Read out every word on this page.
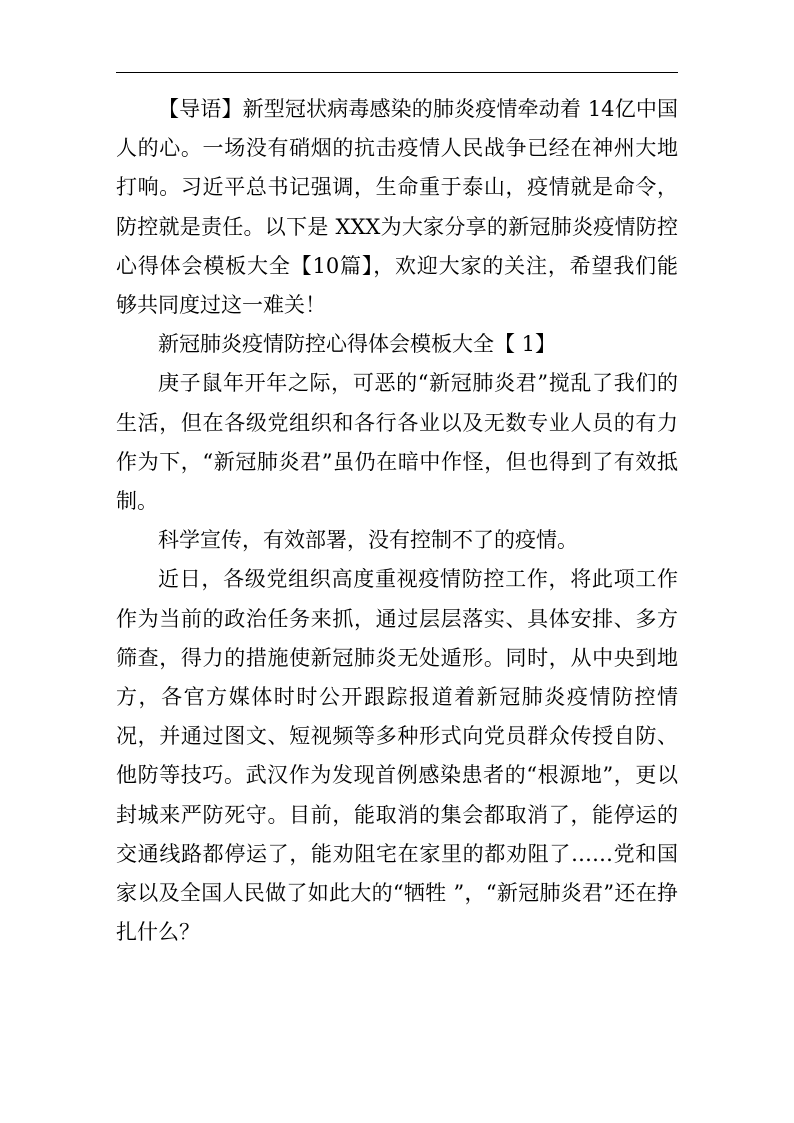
【导语】新型冠状病毒感染的肺炎疫情牵动着 14亿中国人的心。一场没有硝烟的抗击疫情人民战争已经在神州大地打响。习近平总书记强调，生命重于泰山，疫情就是命令，防控就是责任。以下是 XXX为大家分享的新冠肺炎疫情防控心得体会模板大全【10篇】，欢迎大家的关注，希望我们能够共同度过这一难关！

新冠肺炎疫情防控心得体会模板大全【 1】

庚子鼠年开年之际，可恶的“新冠肺炎君”搅乱了我们的生活，但在各级党组织和各行各业以及无数专业人员的有力作为下，“新冠肺炎君”虽仍在暗中作怪，但也得到了有效抵制。

科学宣传，有效部署，没有控制不了的疫情。

近日，各级党组织高度重视疫情防控工作，将此项工作作为当前的政治任务来抓，通过层层落实、具体安排、多方筛查，得力的措施使新冠肺炎无处遁形。同时，从中央到地方，各官方媒体时时公开跟踪报道着新冠肺炎疫情防控情况，并通过图文、短视频等多种形式向党员群众传授自防、他防等技巧。武汉作为发现首例感染患者的“根源地”，更以封城来严防死守。目前，能取消的集会都取消了，能停运的交通线路都停运了，能劝阻宅在家里的都劝阻了……党和国家以及全国人民做了如此大的“牺牲 ”，“新冠肺炎君”还在挣扎什么？
